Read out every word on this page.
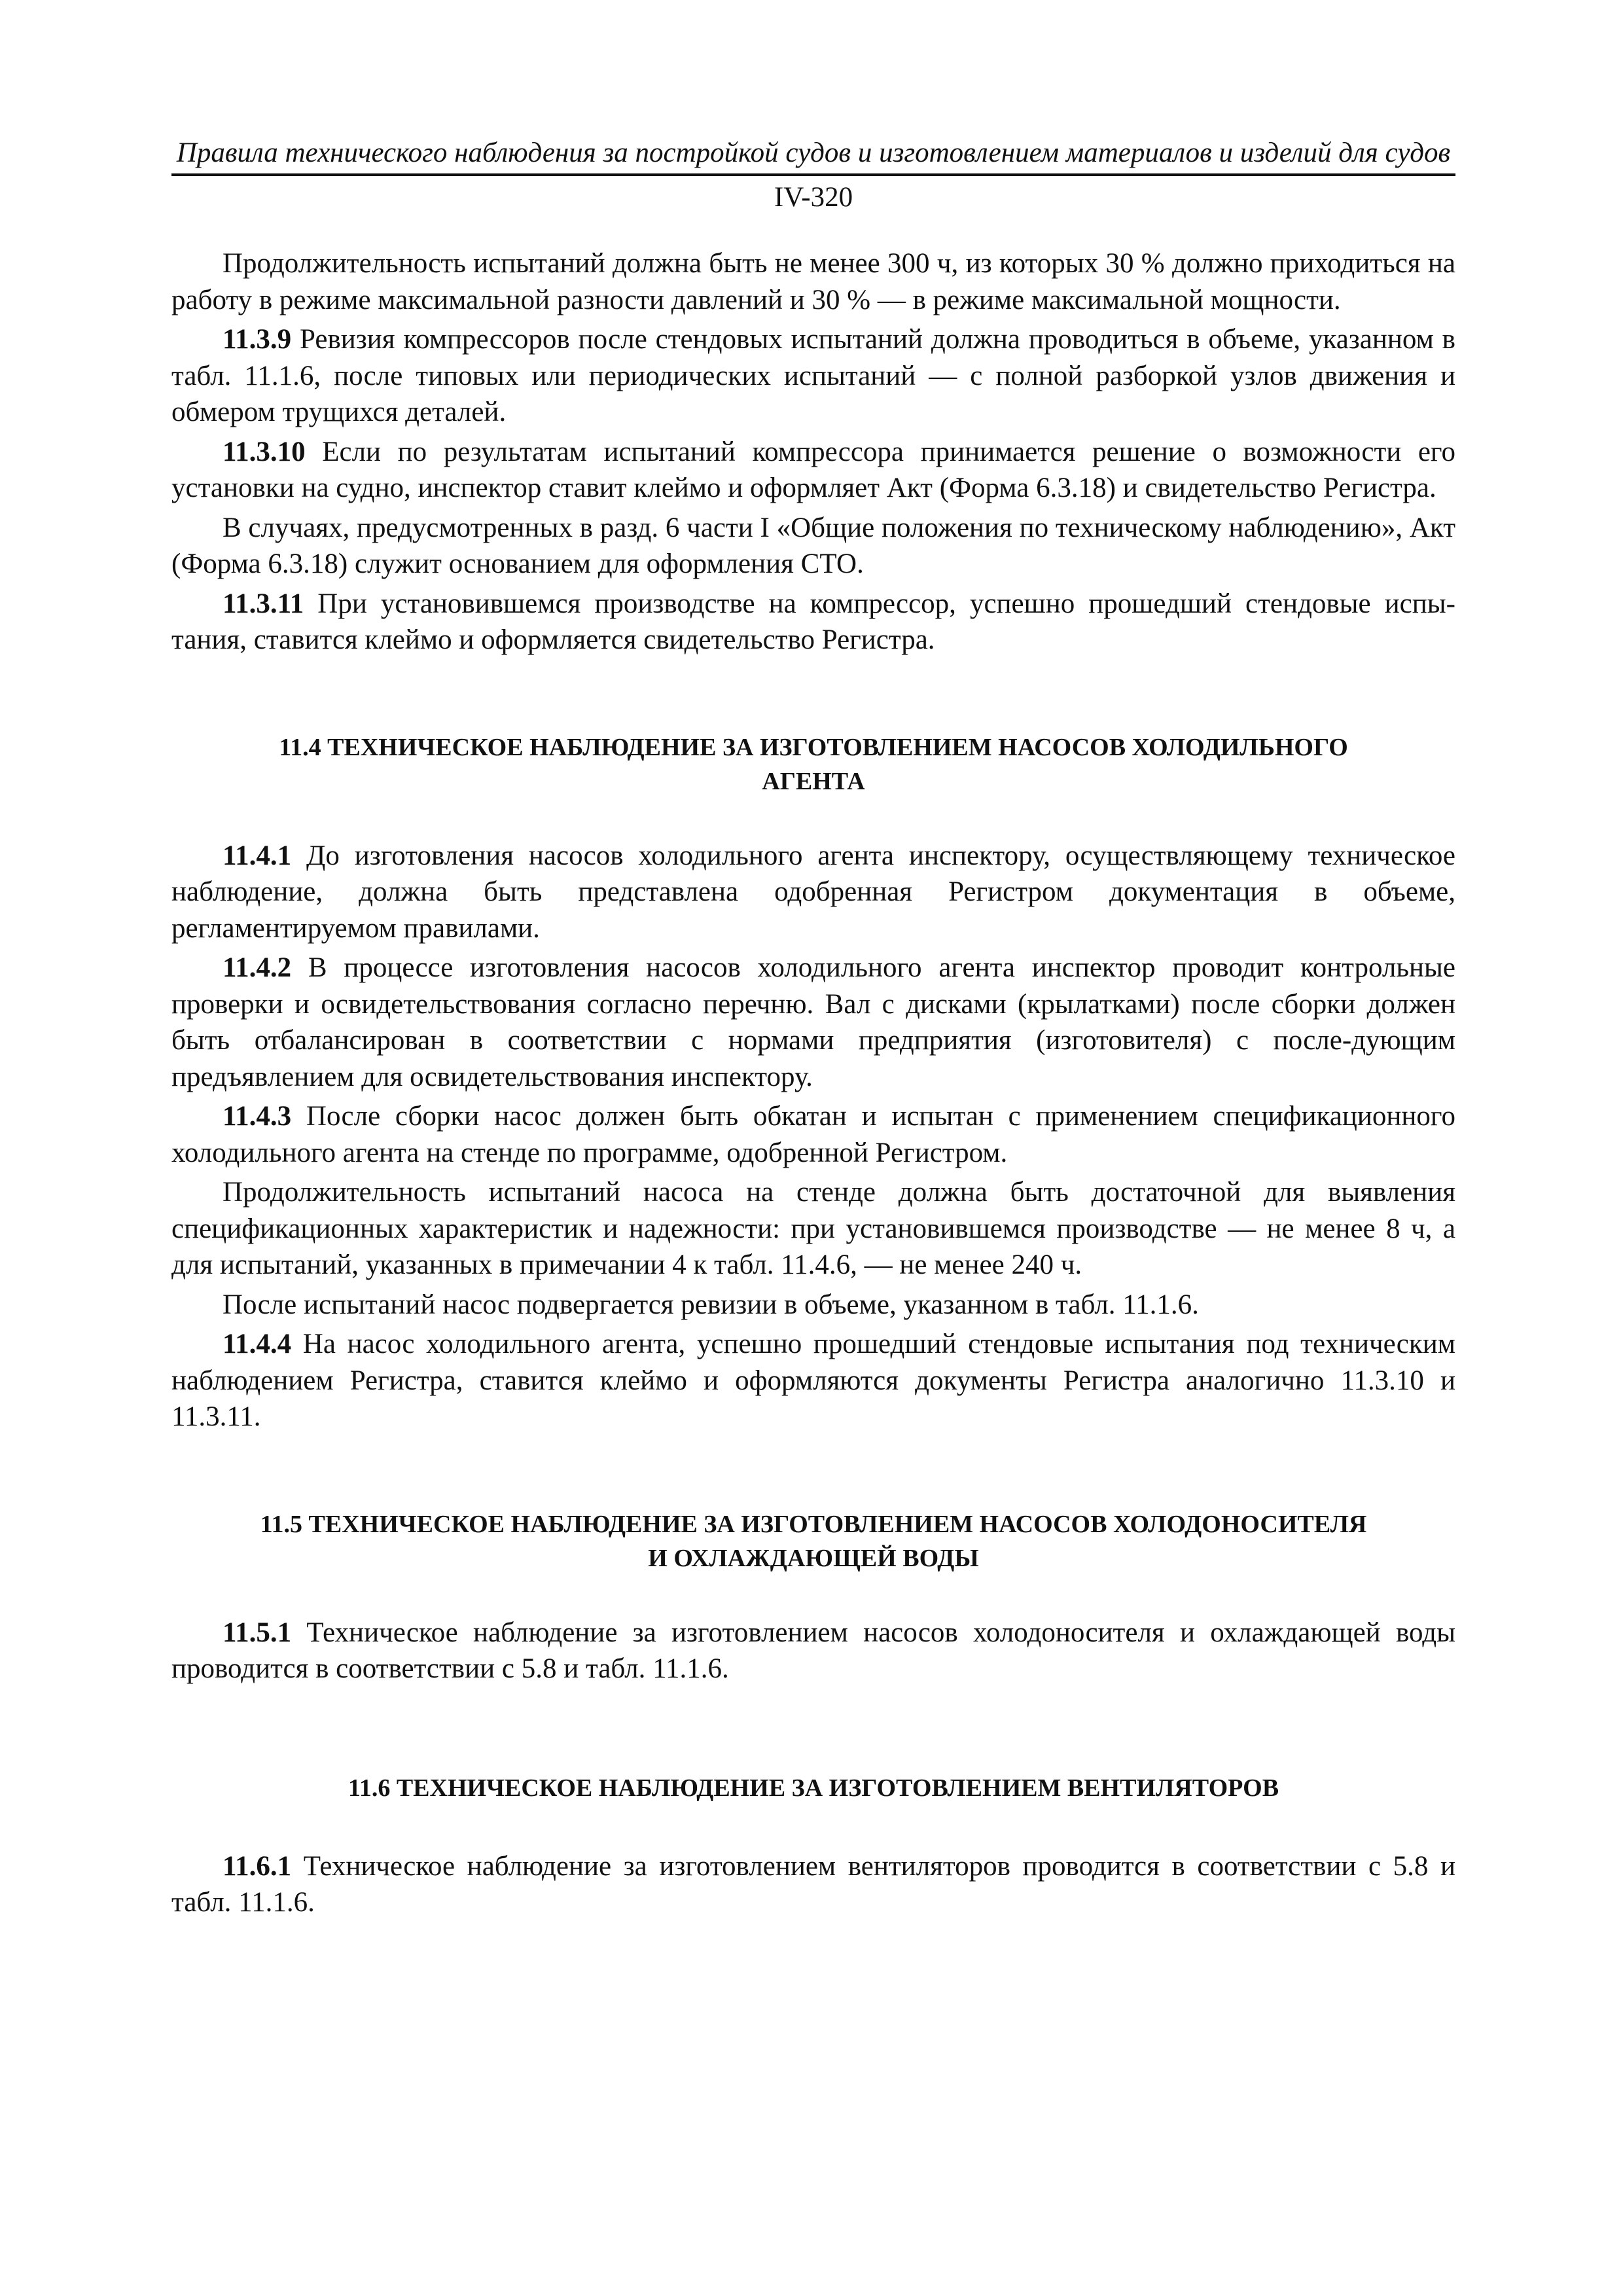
Правила технического наблюдения за постройкой судов и изготовлением материалов и изделий для судов
IV-320

Продолжительность испытаний должна быть не менее 300 ч, из которых 30 % должно приходиться на работу в режиме максимальной разности давлений и 30 % — в режиме максимальной мощности.

11.3.9 Ревизия компрессоров после стендовых испытаний должна проводиться в объеме, указанном в табл. 11.1.6, после типовых или периодических испытаний — с полной разборкой узлов движения и обмером трущихся деталей.

11.3.10 Если по результатам испытаний компрессора принимается решение о возможности его установки на судно, инспектор ставит клеймо и оформляет Акт (Форма 6.3.18) и свидетельство Регистра.

В случаях, предусмотренных в разд. 6 части I «Общие положения по техническому наблюдению», Акт (Форма 6.3.18) служит основанием для оформления СТО.

11.3.11 При установившемся производстве на компрессор, успешно прошедший стендовые испы-тания, ставится клеймо и оформляется свидетельство Регистра.

11.4 ТЕХНИЧЕСКОЕ НАБЛЮДЕНИЕ ЗА ИЗГОТОВЛЕНИЕМ НАСОСОВ ХОЛОДИЛЬНОГО
АГЕНТА

11.4.1 До изготовления насосов холодильного агента инспектору, осуществляющему техническое наблюдение, должна быть представлена одобренная Регистром документация в объеме, регламентируемом правилами.

11.4.2 В процессе изготовления насосов холодильного агента инспектор проводит контрольные проверки и освидетельствования согласно перечню. Вал с дисками (крылатками) после сборки должен быть отбалансирован в соответствии с нормами предприятия (изготовителя) с после-дующим предъявлением для освидетельствования инспектору.

11.4.3 После сборки насос должен быть обкатан и испытан с применением спецификационного холодильного агента на стенде по программе, одобренной Регистром.

Продолжительность испытаний насоса на стенде должна быть достаточной для выявления спецификационных характеристик и надежности: при установившемся производстве — не менее 8 ч, а для испытаний, указанных в примечании 4 к табл. 11.4.6, — не менее 240 ч.

После испытаний насос подвергается ревизии в объеме, указанном в табл. 11.1.6.

11.4.4 На насос холодильного агента, успешно прошедший стендовые испытания под техническим наблюдением Регистра, ставится клеймо и оформляются документы Регистра аналогично 11.3.10 и 11.3.11.

11.5 ТЕХНИЧЕСКОЕ НАБЛЮДЕНИЕ ЗА ИЗГОТОВЛЕНИЕМ НАСОСОВ ХОЛОДОНОСИТЕЛЯ
И ОХЛАЖДАЮЩЕЙ ВОДЫ

11.5.1 Техническое наблюдение за изготовлением насосов холодоносителя и охлаждающей воды проводится в соответствии с 5.8 и табл. 11.1.6.

11.6 ТЕХНИЧЕСКОЕ НАБЛЮДЕНИЕ ЗА ИЗГОТОВЛЕНИЕМ ВЕНТИЛЯТОРОВ

11.6.1 Техническое наблюдение за изготовлением вентиляторов проводится в соответствии с 5.8 и табл. 11.1.6.
